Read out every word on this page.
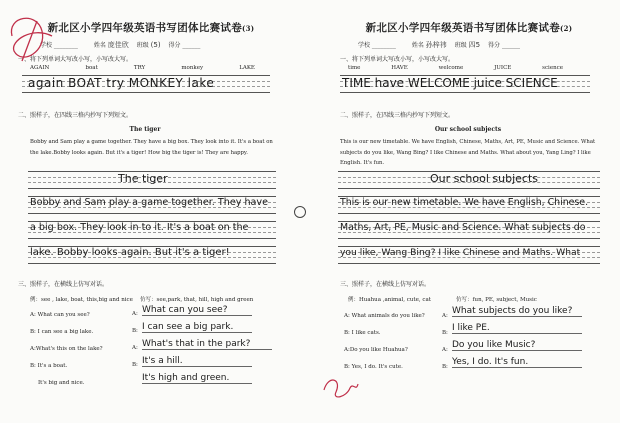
新北区小学四年级英语书写团体比赛试卷(3)
学校 ________ 姓名 庞佳欣 班级 (5) 得分 ______
一、将下列单词大写改小写，小写改大写。
AGAIN	boat	TRY	monkey	LAKE
again BOAT try MONKEY lake
二、照样子，在四线三格内抄写下列短文。
The tiger
Bobby and Sam play a game together. They have a big box. They look into it. It's a boat on the lake.Bobby looks again. But it's a tiger! How big the tiger is! They are happy.
The tiger
Bobby and Sam play a game together. They have
a big box. They look in to it. It's a boat on the
lake. Bobby looks again. But it's a tiger!
三、照样子，在横线上仿写对话。
例：see , lake, boat, this,big and nice 仿写：see,park, that, hill, high and green
A: What can you see?
B: I can see a big lake.
A:What's this on the lake?
B: It's a boat.
It's big and nice.
A: What can you see?
B: I can see a big park.
A: What's that in the park?
B: It's a hill.
It's high and green.
新北区小学四年级英语书写团体比赛试卷(2)
学校 ________ 姓名 孙梓祎 班级 四5 得分 ______
一、将下列单词大写改小写，小写改大写。
time	HAVE	welcome	JUICE	science
TIME have WELCOME juice SCIENCE
二、照样子，在四线三格内抄写下列短文。
Our school subjects
This is our new timetable. We have English, Chinese, Maths, Art, PE, Music and Science. What subjects do you like, Wang Bing? I like Chinese and Maths. What about you, Yang Ling? I like English. It's fun.
Our school subjects
This is our new timetable. We have English, Chinese.
Maths, Art, PE, Music and Science. What subjects do
you like, Wang Bing? I like Chinese and Maths. What
三、照样子，在横线上仿写对话。
例：Huahua ,animal, cute, cat	仿写：fun, PE, subject, Music
A: What animals do you like?
B: I like cats.
A:Do you like Huahua?
B: Yes, I do. It's cute.
A: What subjects do you like?
B: I like PE.
A: Do you like Music?
B: Yes, I do. It's fun.
